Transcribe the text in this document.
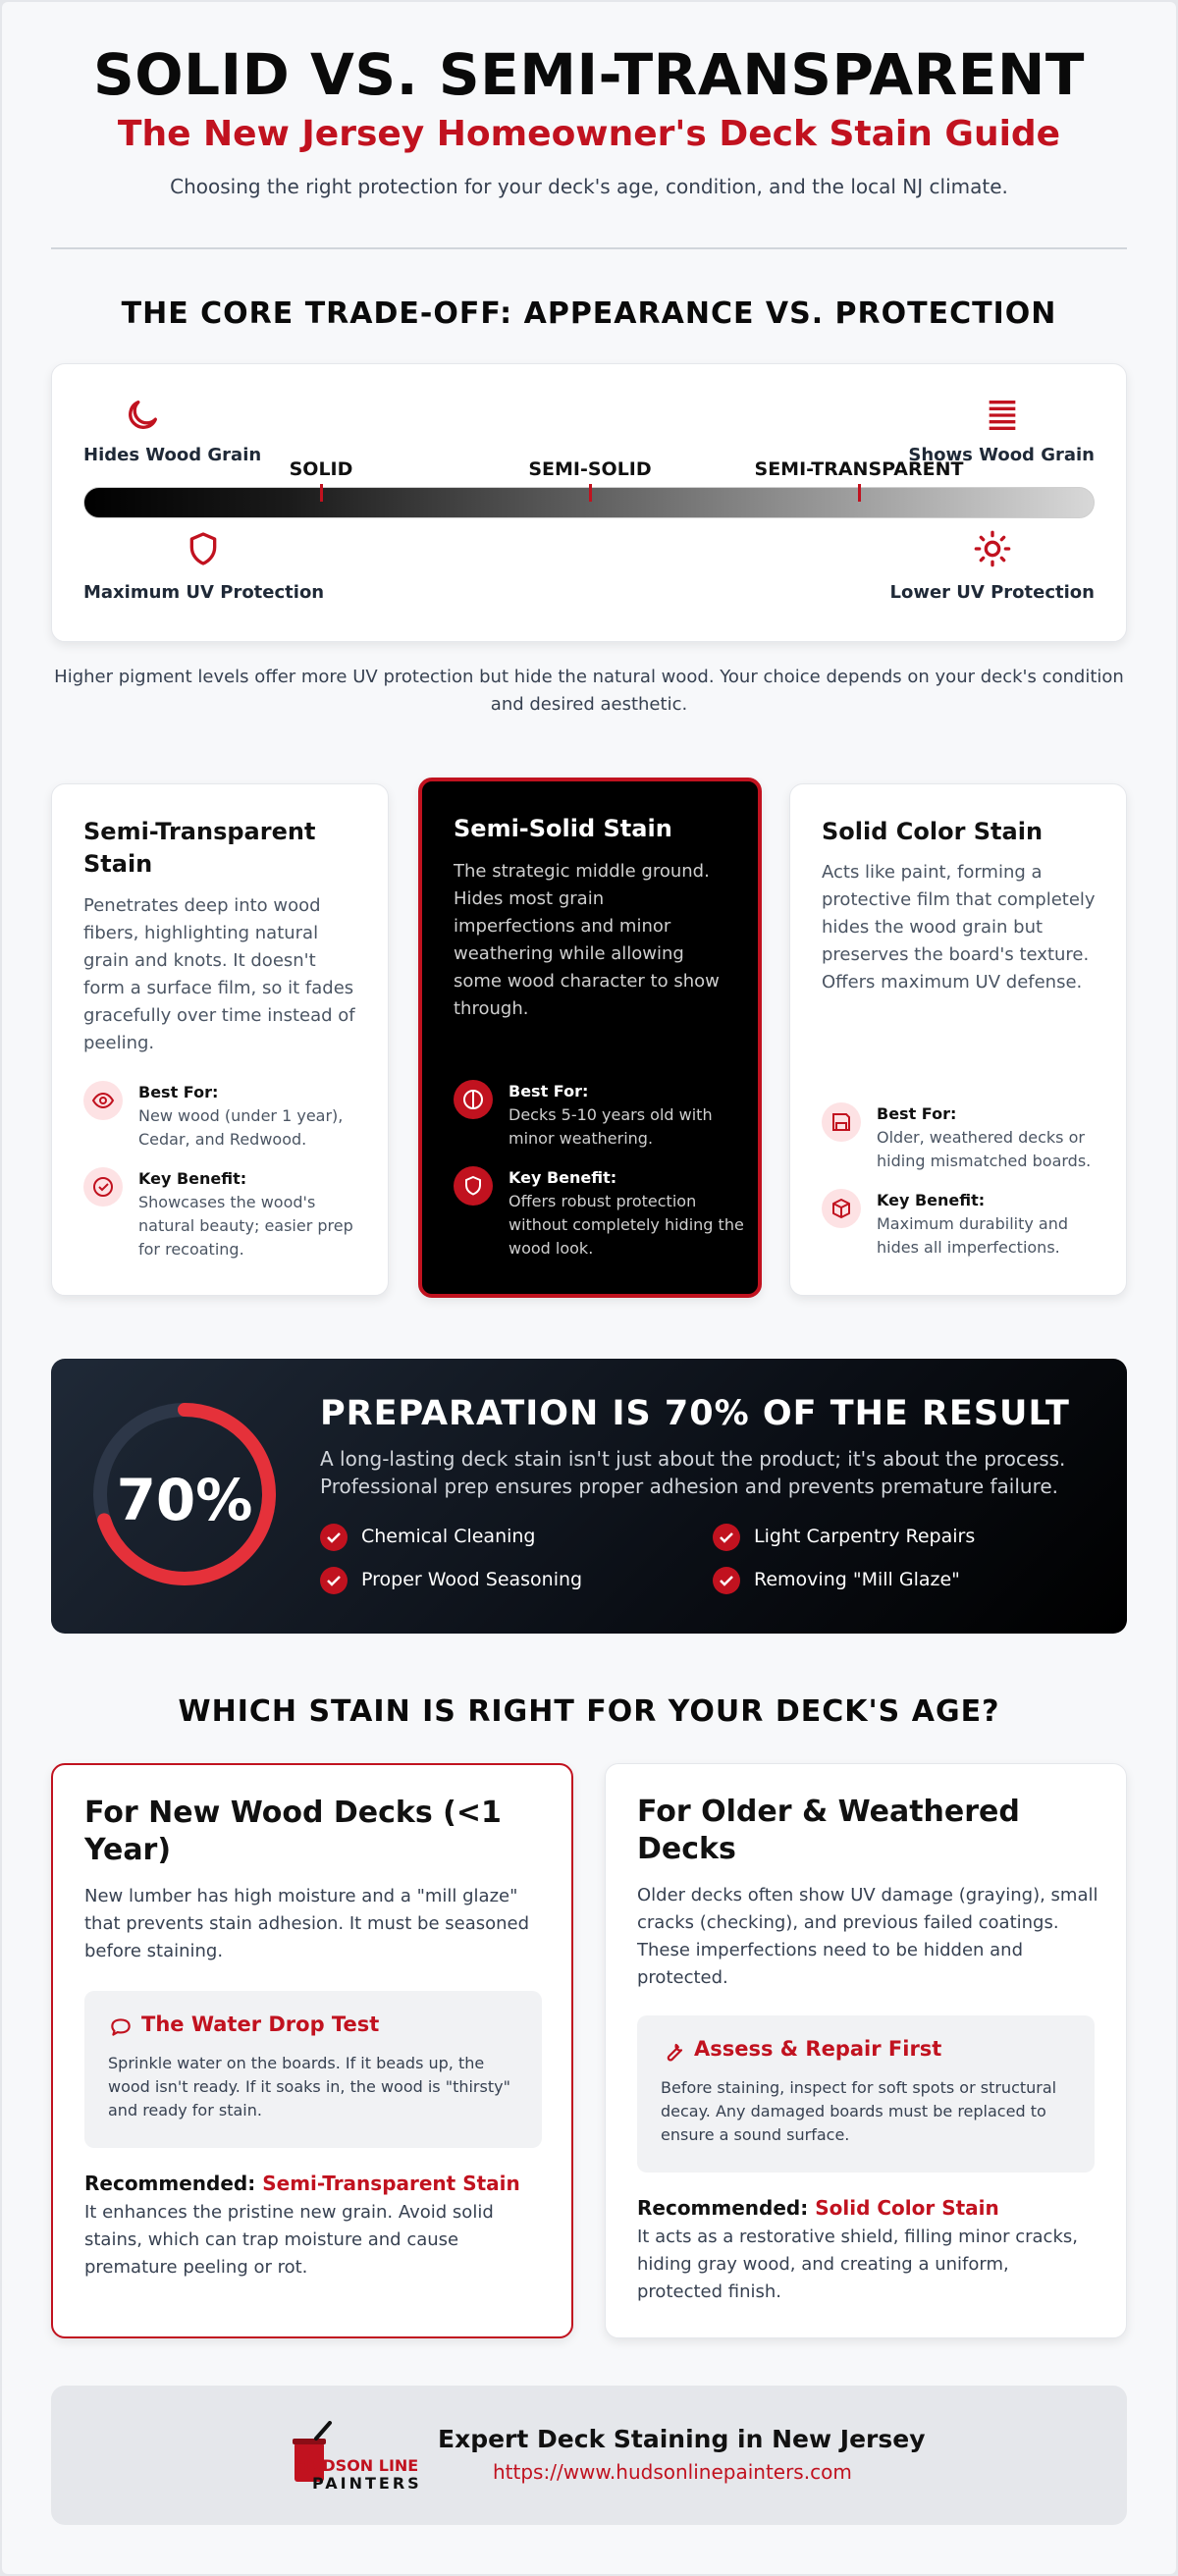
SOLID VS. SEMI-TRANSPARENT
The New Jersey Homeowner's Deck Stain Guide
Choosing the right protection for your deck's age, condition, and the local NJ climate.
THE CORE TRADE-OFF: APPEARANCE VS. PROTECTION
Hides Wood Grain	Shows Wood Grain
SOLID	SEMI-SOLID	SEMI-TRANSPARENT
Maximum UV Protection	Lower UV Protection
Higher pigment levels offer more UV protection but hide the natural wood. Your choice depends on your deck's condition and desired aesthetic.
Semi-Transparent Stain
Penetrates deep into wood fibers, highlighting natural grain and knots. It doesn't form a surface film, so it fades gracefully over time instead of peeling.
Best For:
New wood (under 1 year), Cedar, and Redwood.
Key Benefit:
Showcases the wood's natural beauty; easier prep for recoating.
Semi-Solid Stain
The strategic middle ground. Hides most grain imperfections and minor weathering while allowing some wood character to show through.
Best For:
Decks 5-10 years old with minor weathering.
Key Benefit:
Offers robust protection without completely hiding the wood look.
Solid Color Stain
Acts like paint, forming a protective film that completely hides the wood grain but preserves the board's texture. Offers maximum UV defense.
Best For:
Older, weathered decks or hiding mismatched boards.
Key Benefit:
Maximum durability and hides all imperfections.
70%
PREPARATION IS 70% OF THE RESULT
A long-lasting deck stain isn't just about the product; it's about the process. Professional prep ensures proper adhesion and prevents premature failure.
Chemical Cleaning	Light Carpentry Repairs
Proper Wood Seasoning	Removing "Mill Glaze"
WHICH STAIN IS RIGHT FOR YOUR DECK'S AGE?
For New Wood Decks (<1 Year)
New lumber has high moisture and a "mill glaze" that prevents stain adhesion. It must be seasoned before staining.
The Water Drop Test
Sprinkle water on the boards. If it beads up, the wood isn't ready. If it soaks in, the wood is "thirsty" and ready for stain.
Recommended: Semi-Transparent Stain
It enhances the pristine new grain. Avoid solid stains, which can trap moisture and cause premature peeling or rot.
For Older & Weathered Decks
Older decks often show UV damage (graying), small cracks (checking), and previous failed coatings. These imperfections need to be hidden and protected.
Assess & Repair First
Before staining, inspect for soft spots or structural decay. Any damaged boards must be replaced to ensure a sound surface.
Recommended: Solid Color Stain
It acts as a restorative shield, filling minor cracks, hiding gray wood, and creating a uniform, protected finish.
HUDSON LINE
PAINTERS
Expert Deck Staining in New Jersey
https://www.hudsonlinepainters.com
